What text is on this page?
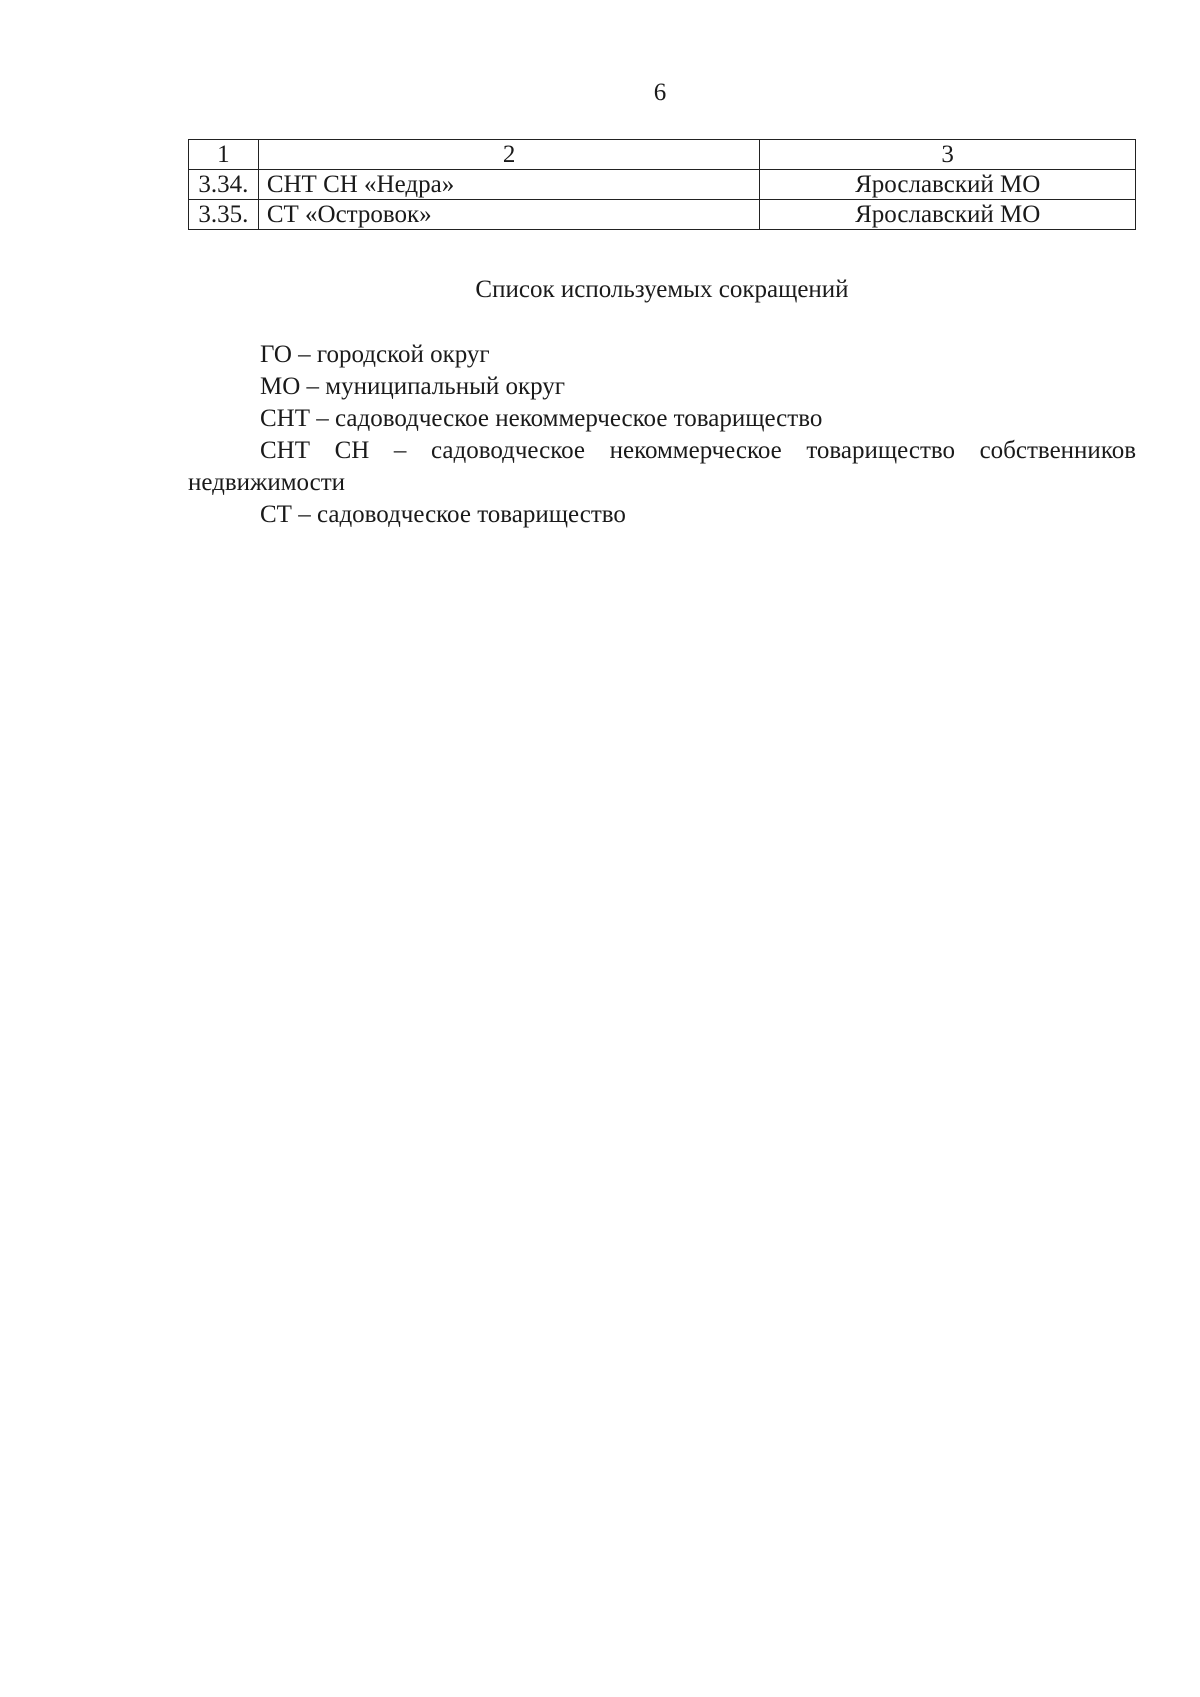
6
1	2	3
3.34.	СНТ СН «Недра»	Ярославский МО
3.35.	СТ «Островок»	Ярославский МО
Список используемых сокращений
ГО – городской округ
МО – муниципальный округ
СНТ – садоводческое некоммерческое товарищество
СНТ СН – садоводческое некоммерческое товарищество собственников недвижимости
СТ – садоводческое товарищество
